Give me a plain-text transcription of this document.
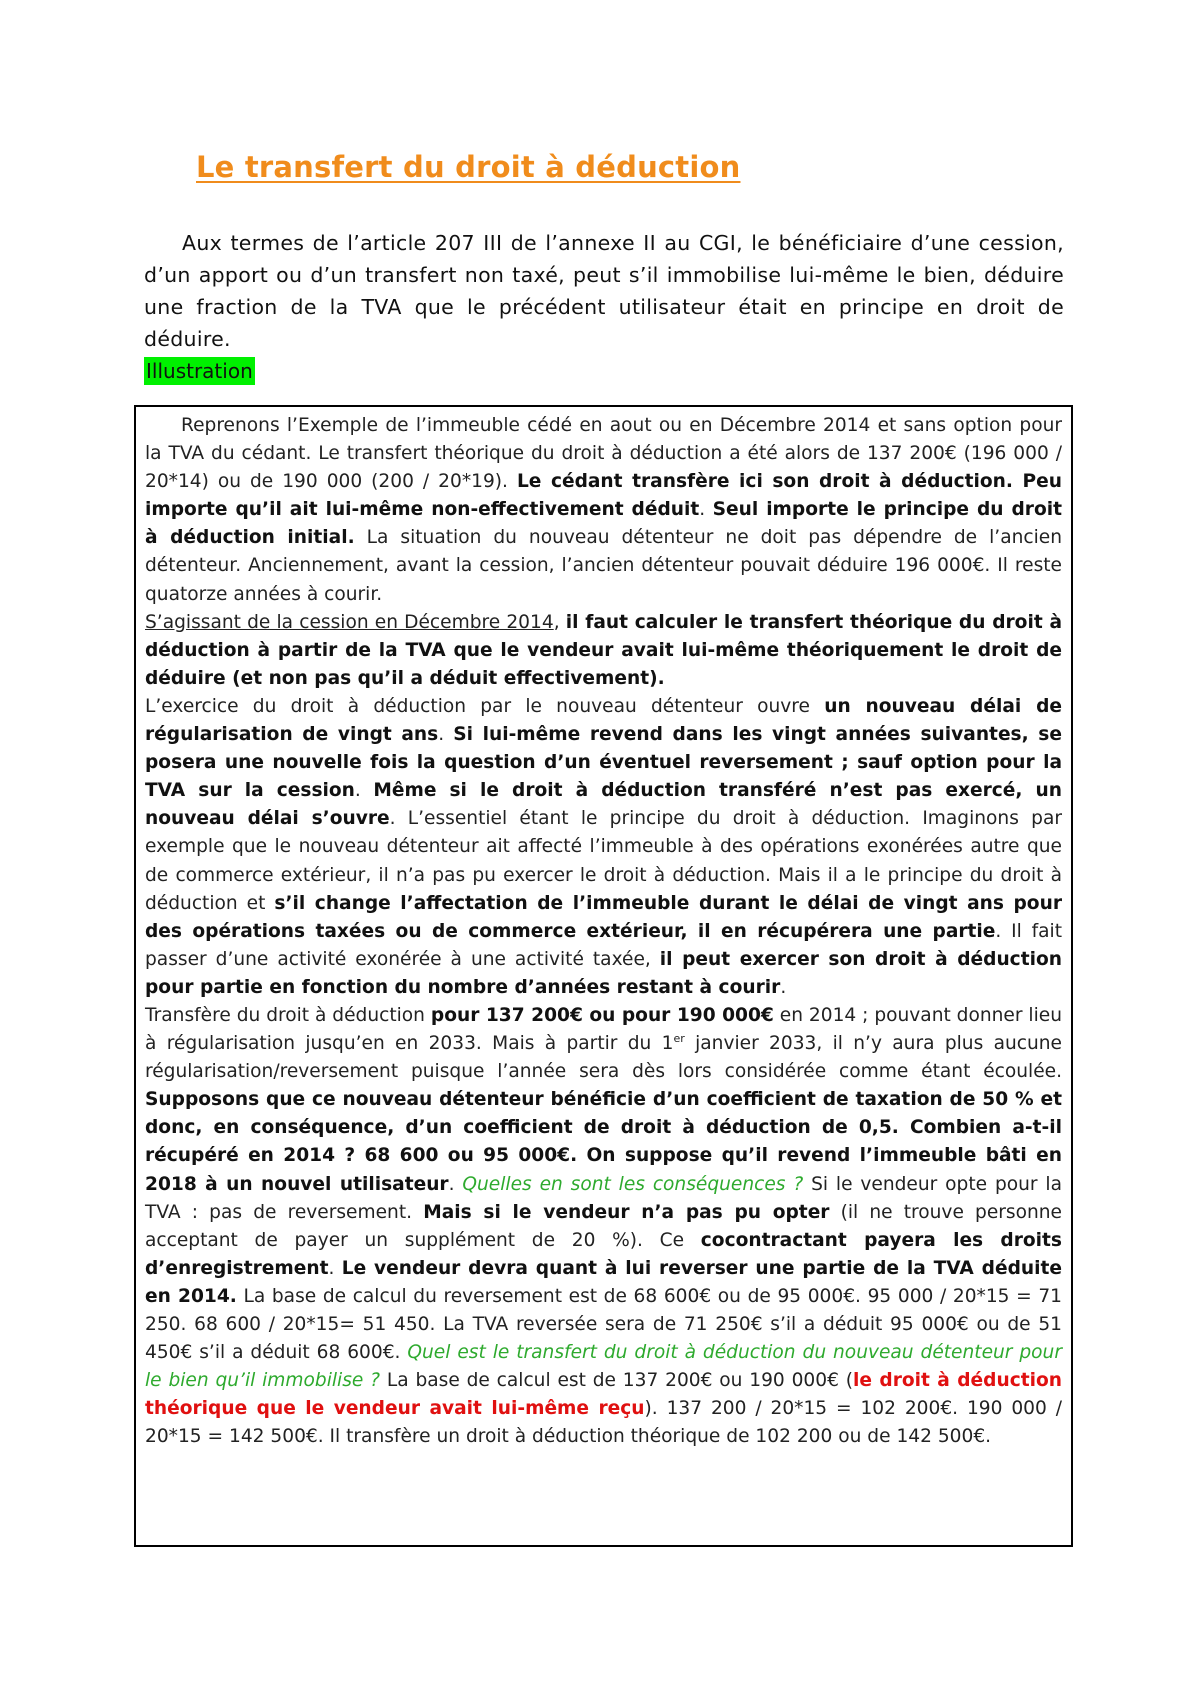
Le transfert du droit à déduction

Aux termes de l’article 207 III de l’annexe II au CGI, le bénéficiaire d’une cession, d’un apport ou d’un transfert non taxé, peut s’il immobilise lui-même le bien, déduire une fraction de la TVA que le précédent utilisateur était en principe en droit de déduire.

Illustration

Reprenons l’Exemple de l’immeuble cédé en aout ou en Décembre 2014 et sans option pour la TVA du cédant. Le transfert théorique du droit à déduction a été alors de 137 200€ (196 000 / 20*14) ou de 190 000 (200 / 20*19). Le cédant transfère ici son droit à déduction. Peu importe qu’il ait lui-même non-effectivement déduit. Seul importe le principe du droit à déduction initial. La situation du nouveau détenteur ne doit pas dépendre de l’ancien détenteur. Anciennement, avant la cession, l’ancien détenteur pouvait déduire 196 000€. Il reste quatorze années à courir.
S’agissant de la cession en Décembre 2014, il faut calculer le transfert théorique du droit à déduction à partir de la TVA que le vendeur avait lui-même théoriquement le droit de déduire (et non pas qu’il a déduit effectivement).
L’exercice du droit à déduction par le nouveau détenteur ouvre un nouveau délai de régularisation de vingt ans. Si lui-même revend dans les vingt années suivantes, se posera une nouvelle fois la question d’un éventuel reversement ; sauf option pour la TVA sur la cession. Même si le droit à déduction transféré n’est pas exercé, un nouveau délai s’ouvre. L’essentiel étant le principe du droit à déduction. Imaginons par exemple que le nouveau détenteur ait affecté l’immeuble à des opérations exonérées autre que de commerce extérieur, il n’a pas pu exercer le droit à déduction. Mais il a le principe du droit à déduction et s’il change l’affectation de l’immeuble durant le délai de vingt ans pour des opérations taxées ou de commerce extérieur, il en récupérera une partie. Il fait passer d’une activité exonérée à une activité taxée, il peut exercer son droit à déduction pour partie en fonction du nombre d’années restant à courir.
Transfère du droit à déduction pour 137 200€ ou pour 190 000€ en 2014 ; pouvant donner lieu à régularisation jusqu’en en 2033. Mais à partir du 1er janvier 2033, il n’y aura plus aucune régularisation/reversement puisque l’année sera dès lors considérée comme étant écoulée. Supposons que ce nouveau détenteur bénéficie d’un coefficient de taxation de 50 % et donc, en conséquence, d’un coefficient de droit à déduction de 0,5. Combien a-t-il récupéré en 2014 ? 68 600 ou 95 000€. On suppose qu’il revend l’immeuble bâti en 2018 à un nouvel utilisateur. Quelles en sont les conséquences ? Si le vendeur opte pour la TVA : pas de reversement. Mais si le vendeur n’a pas pu opter (il ne trouve personne acceptant de payer un supplément de 20 %). Ce cocontractant payera les droits d’enregistrement. Le vendeur devra quant à lui reverser une partie de la TVA déduite en 2014. La base de calcul du reversement est de 68 600€ ou de 95 000€. 95 000 / 20*15 = 71 250. 68 600 / 20*15= 51 450. La TVA reversée sera de 71 250€ s’il a déduit 95 000€ ou de 51 450€ s’il a déduit 68 600€. Quel est le transfert du droit à déduction du nouveau détenteur pour le bien qu’il immobilise ? La base de calcul est de 137 200€ ou 190 000€ (le droit à déduction théorique que le vendeur avait lui-même reçu). 137 200 / 20*15 = 102 200€. 190 000 / 20*15 = 142 500€. Il transfère un droit à déduction théorique de 102 200 ou de 142 500€.
